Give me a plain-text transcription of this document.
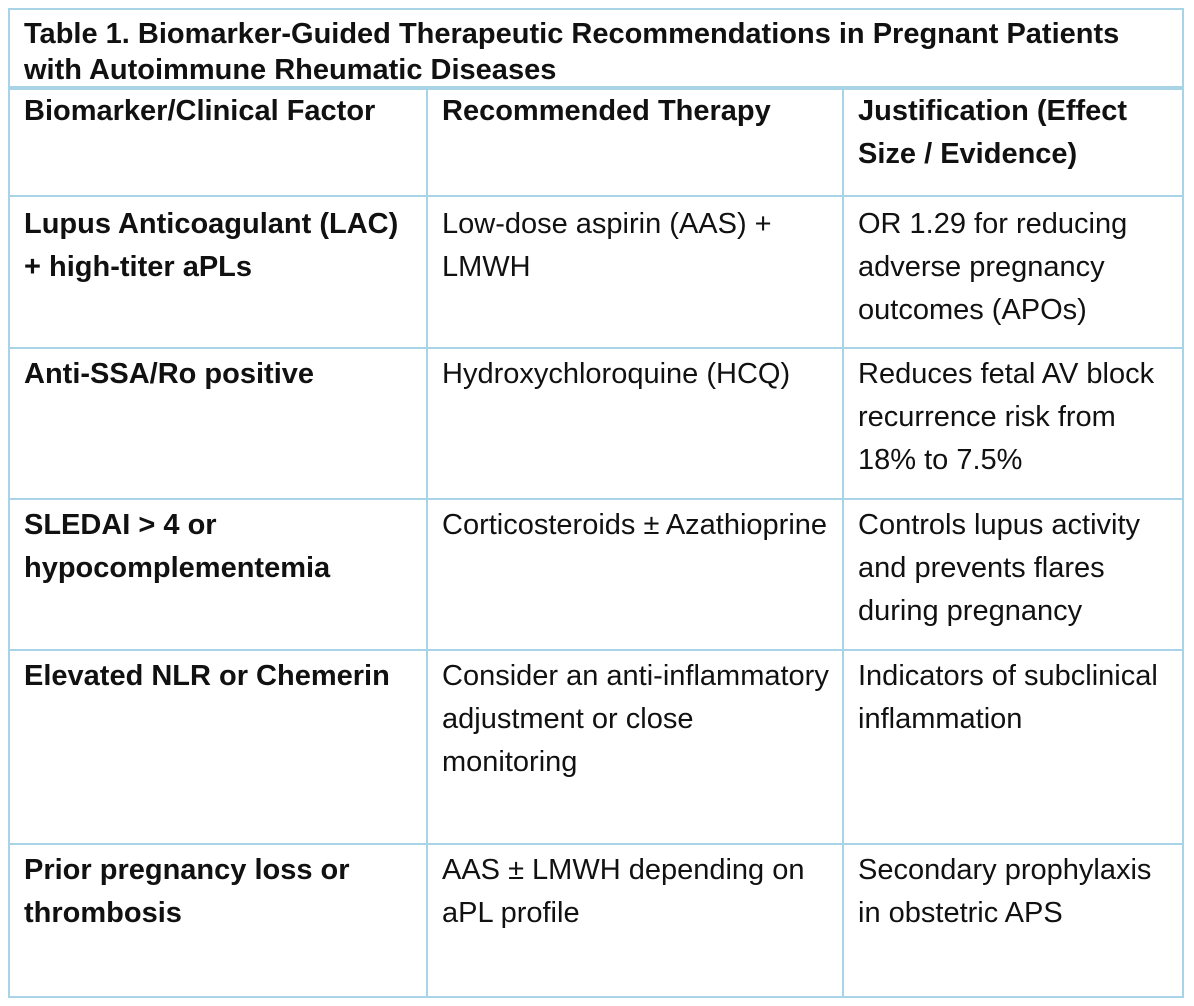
Table 1. Biomarker-Guided Therapeutic Recommendations in Pregnant Patients with Autoimmune Rheumatic Diseases
Biomarker/Clinical Factor	Recommended Therapy	Justification (Effect Size / Evidence)
Lupus Anticoagulant (LAC) + high-titer aPLs	Low-dose aspirin (AAS) + LMWH	OR 1.29 for reducing adverse pregnancy outcomes (APOs)
Anti-SSA/Ro positive	Hydroxychloroquine (HCQ)	Reduces fetal AV block recurrence risk from 18% to 7.5%
SLEDAI > 4 or hypocomplementemia	Corticosteroids ± Azathioprine	Controls lupus activity and prevents flares during pregnancy
Elevated NLR or Chemerin	Consider an anti-inflammatory adjustment or close monitoring	Indicators of subclinical inflammation
Prior pregnancy loss or thrombosis	AAS ± LMWH depending on aPL profile	Secondary prophylaxis in obstetric APS
